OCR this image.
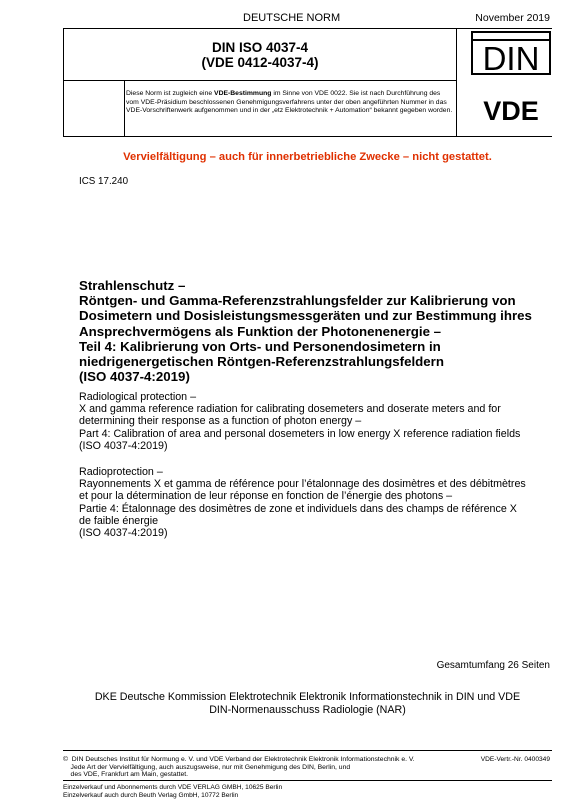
DEUTSCHE NORM	November 2019
DIN ISO 4037-4
(VDE 0412-4037-4)	DIN
Diese Norm ist zugleich eine VDE-Bestimmung im Sinne von VDE 0022. Sie ist nach Durchführung des vom VDE-Präsidium beschlossenen Genehmigungsverfahrens unter der oben angeführten Nummer in das VDE-Vorschriftenwerk aufgenommen und in der „etz Elektrotechnik + Automation“ bekannt gegeben worden. VDE
Vervielfältigung – auch für innerbetriebliche Zwecke – nicht gestattet.
ICS 17.240
Strahlenschutz –
Röntgen- und Gamma-Referenzstrahlungsfelder zur Kalibrierung von
Dosimetern und Dosisleistungsmessgeräten und zur Bestimmung ihres
Ansprechvermögens als Funktion der Photonenenergie –
Teil 4: Kalibrierung von Orts- und Personendosimetern in
niedrigenergetischen Röntgen-Referenzstrahlungsfeldern
(ISO 4037-4:2019)
Radiological protection –
X and gamma reference radiation for calibrating dosemeters and doserate meters and for
determining their response as a function of photon energy –
Part 4: Calibration of area and personal dosemeters in low energy X reference radiation fields
(ISO 4037-4:2019)
Radioprotection –
Rayonnements X et gamma de référence pour l’étalonnage des dosimètres et des débitmètres
et pour la détermination de leur réponse en fonction de l’énergie des photons –
Partie 4: Étalonnage des dosimètres de zone et individuels dans des champs de référence X
de faible énergie
(ISO 4037-4:2019)
Gesamtumfang 26 Seiten
DKE Deutsche Kommission Elektrotechnik Elektronik Informationstechnik in DIN und VDE
DIN-Normenausschuss Radiologie (NAR)
©  DIN Deutsches Institut für Normung e. V. und VDE Verband der Elektrotechnik Elektronik Informationstechnik e. V.
Jede Art der Vervielfältigung, auch auszugsweise, nur mit Genehmigung des DIN, Berlin, und
des VDE, Frankfurt am Main, gestattet.
VDE-Vertr.-Nr. 0400349
Einzelverkauf und Abonnements durch VDE VERLAG GMBH, 10625 Berlin
Einzelverkauf auch durch Beuth Verlag GmbH, 10772 Berlin
